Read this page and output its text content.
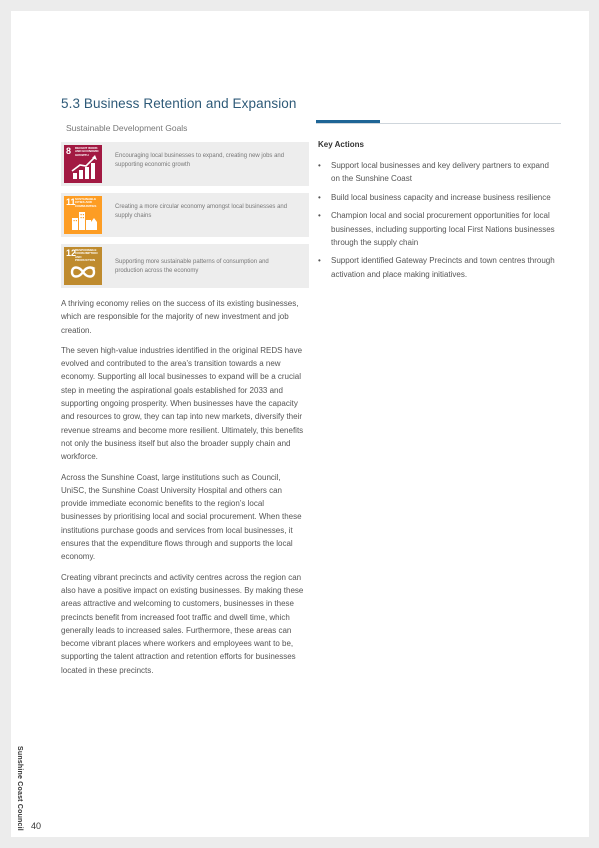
5.3 Business Retention and Expansion
Sustainable Development Goals
8 DECENT WORK AND ECONOMIC GROWTH	Encouraging local businesses to expand, creating new jobs and supporting economic growth
11 SUSTAINABLE CITIES AND COMMUNITIES	Creating a more circular economy amongst local businesses and supply chains
12
RESPONSIBLE CONSUMPTION AND PRODUCTION	Supporting more sustainable patterns of consumption and production across the economy

A thriving economy relies on the success of its existing businesses, which are responsible for the majority of new investment and job creation.

The seven high-value industries identified in the original REDS have evolved and contributed to the area’s transition towards a new economy. Supporting all local businesses to expand will be a crucial step in meeting the aspirational goals established for 2033 and supporting ongoing prosperity. When businesses have the capacity and resources to grow, they can tap into new markets, diversify their revenue streams and become more resilient. Ultimately, this benefits not only the business itself but also the broader supply chain and workforce.

Across the Sunshine Coast, large institutions such as Council, UniSC, the Sunshine Coast University Hospital and others can provide immediate economic benefits to the region’s local businesses by prioritising local and social procurement. When these institutions purchase goods and services from local businesses, it ensures that the expenditure flows through and supports the local economy.

Creating vibrant precincts and activity centres across the region can also have a positive impact on existing businesses. By making these areas attractive and welcoming to customers, businesses in these precincts benefit from increased foot traffic and dwell time, which generally leads to increased sales. Furthermore, these areas can become vibrant places where workers and employees want to be, supporting the talent attraction and retention efforts for businesses located in these precincts.

Key Actions
• Support local businesses and key delivery partners to expand on the Sunshine Coast
• Build local business capacity and increase business resilience
• Champion local and social procurement opportunities for local businesses, including supporting local First Nations businesses through the supply chain
• Support identified Gateway Precincts and town centres through activation and place making initiatives.
Sunshine Coast Council 40
